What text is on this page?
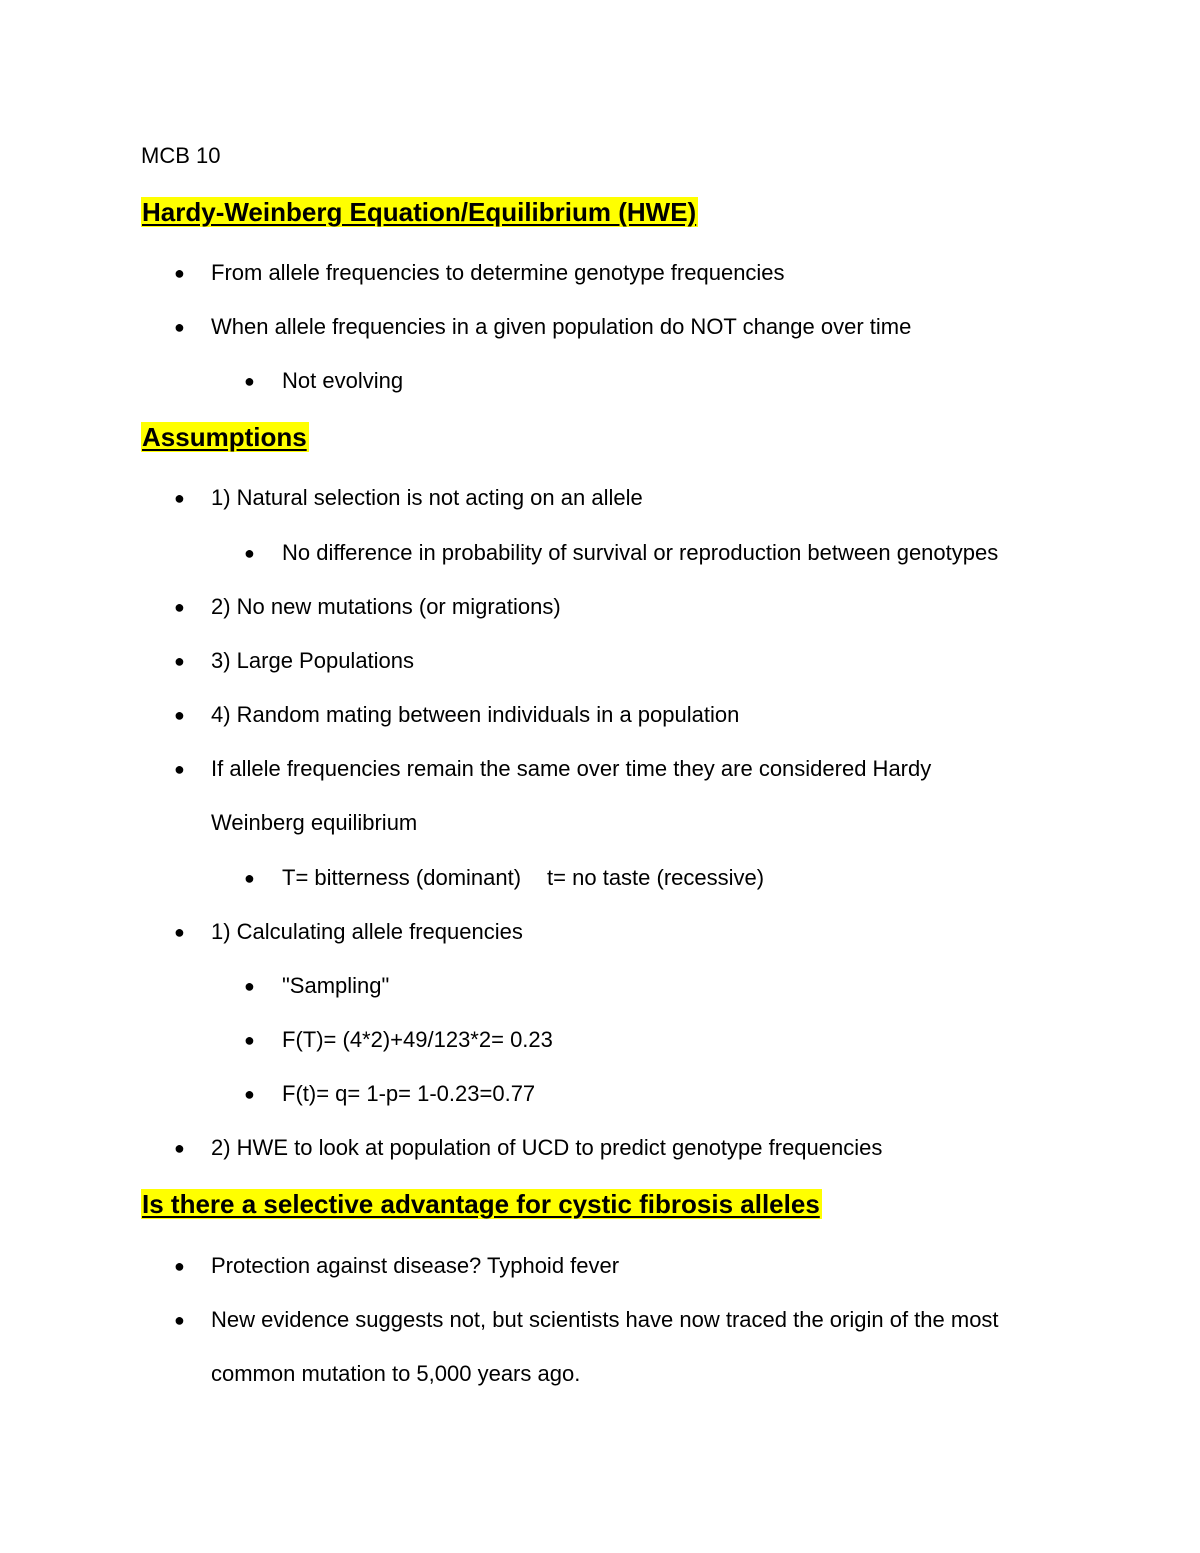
MCB 10
Hardy-Weinberg Equation/Equilibrium (HWE)
● From allele frequencies to determine genotype frequencies
● When allele frequencies in a given population do NOT change over time
● Not evolving
Assumptions
● 1) Natural selection is not acting on an allele
● No difference in probability of survival or reproduction between genotypes
● 2) No new mutations (or migrations)
● 3) Large Populations
● 4) Random mating between individuals in a population
● If allele frequencies remain the same over time they are considered Hardy
Weinberg equilibrium
● T= bitterness (dominant) t= no taste (recessive)
● 1) Calculating allele frequencies
● "Sampling"
● F(T)= (4*2)+49/123*2= 0.23
● F(t)= q= 1-p= 1-0.23=0.77
● 2) HWE to look at population of UCD to predict genotype frequencies
Is there a selective advantage for cystic fibrosis alleles
● Protection against disease? Typhoid fever
● New evidence suggests not, but scientists have now traced the origin of the most
common mutation to 5,000 years ago.
